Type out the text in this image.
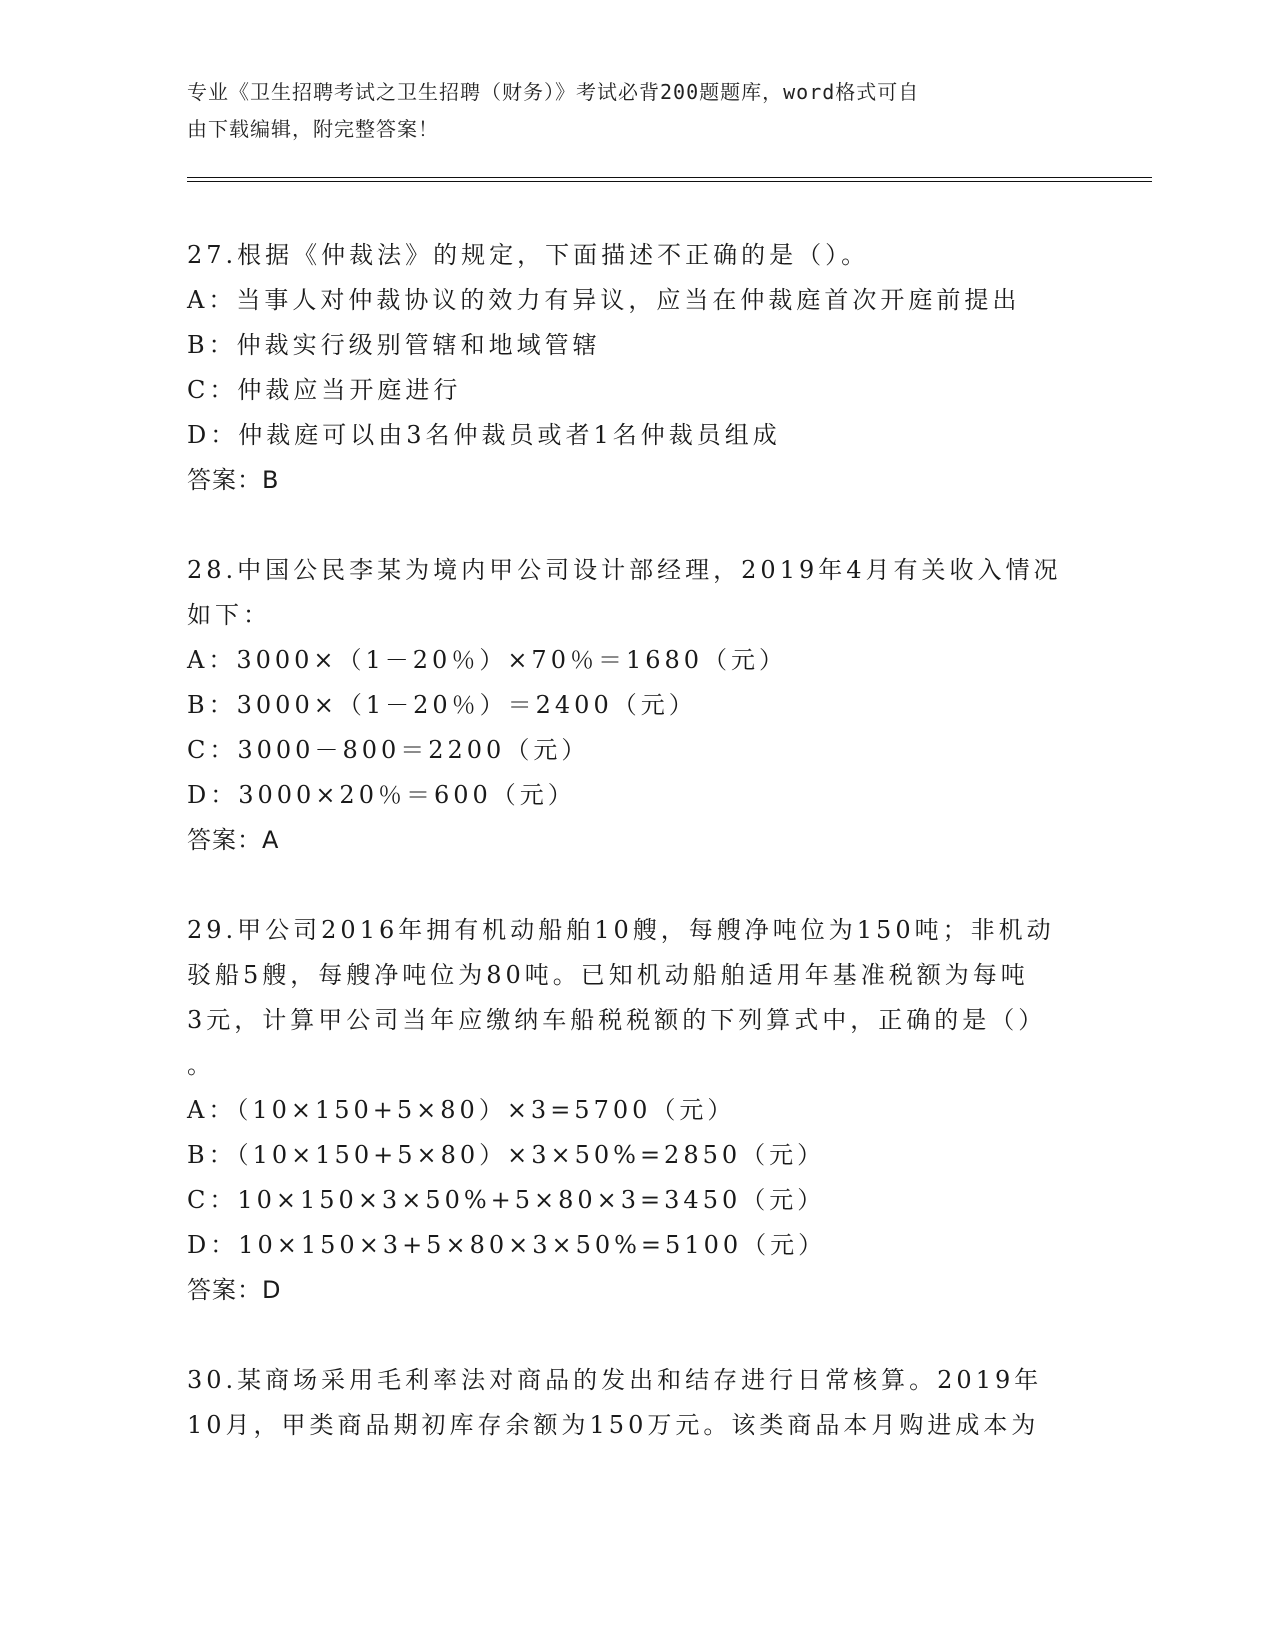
专业《卫生招聘考试之卫生招聘（财务）》考试必背200题题库，word格式可自
由下载编辑，附完整答案！
27.根据《仲裁法》的规定，下面描述不正确的是（）。
A：当事人对仲裁协议的效力有异议，应当在仲裁庭首次开庭前提出
B：仲裁实行级别管辖和地域管辖
C：仲裁应当开庭进行
D：仲裁庭可以由3名仲裁员或者1名仲裁员组成
答案：B
28.中国公民李某为境内甲公司设计部经理，2019年4月有关收入情况
如下：
A：3000×（1－20％）×70％＝1680（元）
B：3000×（1－20％）＝2400（元）
C：3000－800＝2200（元）
D：3000×20％＝600（元）
答案：A
29.甲公司2016年拥有机动船舶10艘，每艘净吨位为150吨；非机动
驳船5艘，每艘净吨位为80吨。已知机动船舶适用年基准税额为每吨
3元，计算甲公司当年应缴纳车船税税额的下列算式中，正确的是（）
。
A：（10×150+5×80）×3=5700（元）
B：（10×150+5×80）×3×50%=2850（元）
C：10×150×3×50%+5×80×3=3450（元）
D：10×150×3+5×80×3×50%=5100（元）
答案：D
30.某商场采用毛利率法对商品的发出和结存进行日常核算。2019年
10月，甲类商品期初库存余额为150万元。该类商品本月购进成本为
